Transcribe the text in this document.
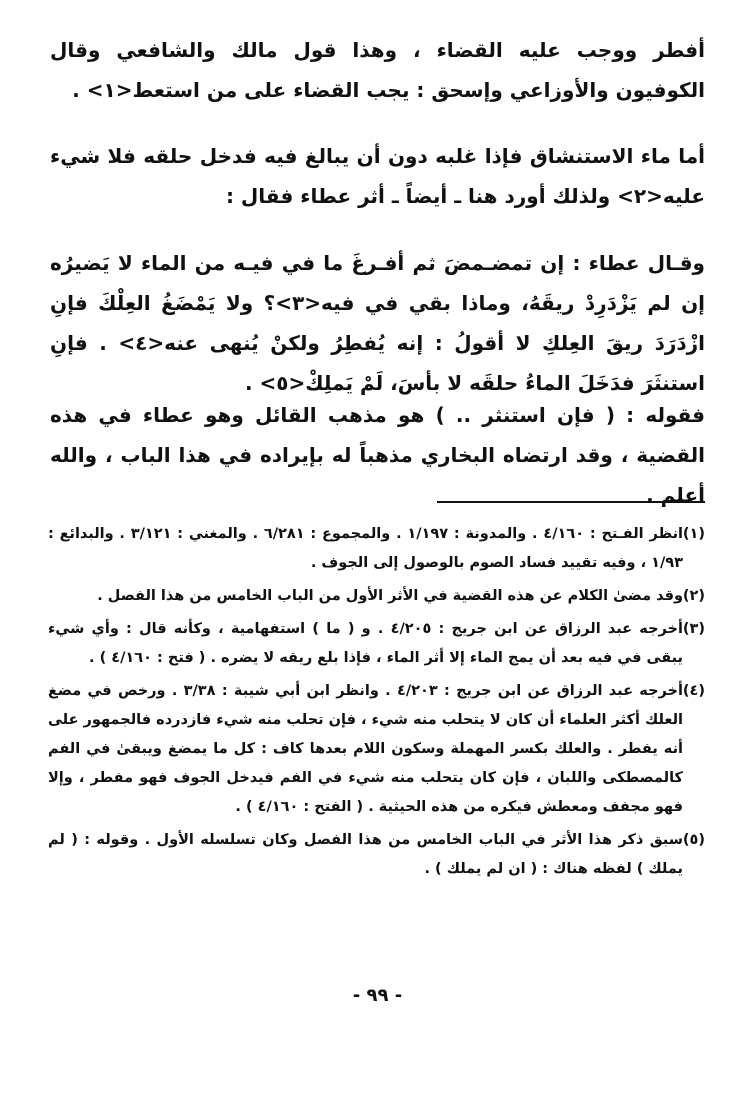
أفطر ووجب عليه القضاء ، وهذا قول مالك والشافعي وقال الكوفيون والأوزاعي وإسحق : يجب القضاء على من استعط<١> .

أما ماء الاستنشاق فإذا غلبه دون أن يبالغ فيه فدخل حلقه فلا شيء عليه<٢> ولذلك أورد هنا ـ أيضاً ـ أثر عطاء فقال :

وقـال عطاء : إن تمضـمضَ ثم أفـرغَ ما في فيـه من الماء لا يَضيرُه إن لم يَزْدَرِدْ ريقَهُ، وماذا بقي في فيه<٣>؟ ولا يَمْضَغُ العِلْكَ فإنِ ازْدَرَدَ ريقَ العِلكِ لا أقولُ : إنه يُفطِرُ ولكنْ يُنهى عنه<٤> . فإنِ استنثَرَ فدَخَلَ الماءُ حلقَه لا بأسَ، لَمْ يَملِكْ<٥> .

فقوله : ( فإن استنثر .. ) هو مذهب القائل وهو عطاء في هذه القضية ، وقد ارتضاه البخاري مذهباً له بإيراده في هذا الباب ، والله أعلم .

(١)
انظر الفـتح : ٤/١٦٠ . والمدونة : ١/١٩٧ . والمجموع : ٦/٢٨١ . والمغني : ٣/١٢١ . والبدائع : ١/٩٣ ، وفيه تقييد فساد الصوم بالوصول إلى الجوف .
(٢)
وقد مضىٰ الكلام عن هذه القضية في الأثر الأول من الباب الخامس من هذا الفصل .
(٣)
أخرجه عبد الرزاق عن ابن جريج : ٤/٢٠٥ . و ( ما ) استفهامية ، وكأنه قال : وأي شيء يبقى في فيه بعد أن يمج الماء إلا أثر الماء ، فإذا بلع ريقه لا يضره . ( فتح : ٤/١٦٠ ) .
(٤)
أخرجه عبد الرزاق عن ابن جريج : ٤/٢٠٣ . وانظر ابن أبي شيبة : ٣/٣٨ . ورخص في مضغ العلك أكثر العلماء أن كان لا يتحلب منه شيء ، فإن تحلب منه شيء فازدرده فالجمهور على أنه يفطر . والعلك بكسر المهملة وسكون اللام بعدها كاف : كل ما يمضغ ويبقىٰ في الفم كالمصطكى واللبان ، فإن كان يتحلب منه شيء في الفم فيدخل الجوف فهو مفطر ، وإلا فهو مجفف ومعطش فيكره من هذه الحيثية . ( الفتح : ٤/١٦٠ ) .
(٥)
سبق ذكر هذا الأثر في الباب الخامس من هذا الفصل وكان تسلسله الأول . وقوله : ( لم يملك ) لفظه هناك : ( ان لم يملك ) .
- ٩٩ -
